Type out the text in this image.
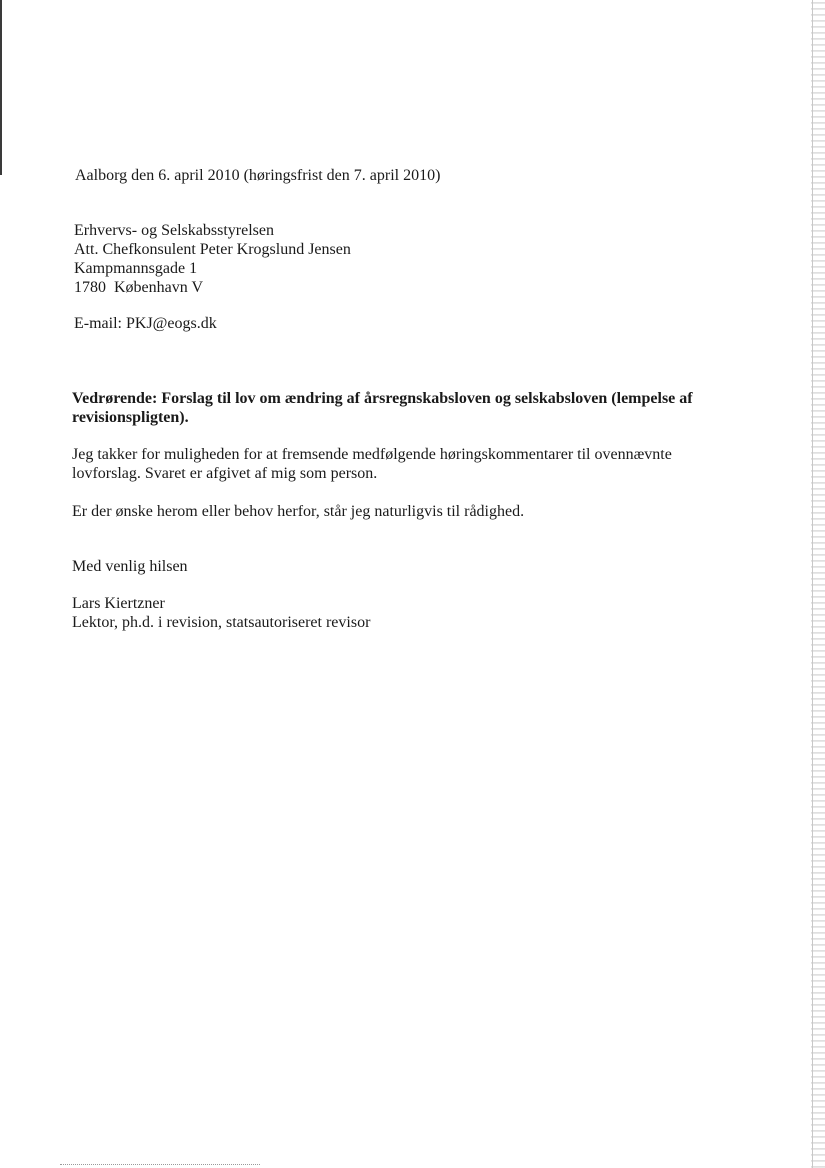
Aalborg den 6. april 2010 (høringsfrist den 7. april 2010)
Erhvervs- og Selskabsstyrelsen
Att. Chefkonsulent Peter Krogslund Jensen
Kampmannsgade 1
1780  København V
E-mail: PKJ@eogs.dk
Vedrørende: Forslag til lov om ændring af årsregnskabsloven og selskabsloven (lempelse af revisionspligten).
Jeg takker for muligheden for at fremsende medfølgende høringskommentarer til ovennævnte lovforslag. Svaret er afgivet af mig som person.
Er der ønske herom eller behov herfor, står jeg naturligvis til rådighed.
Med venlig hilsen
Lars Kiertzner
Lektor, ph.d. i revision, statsautoriseret revisor
